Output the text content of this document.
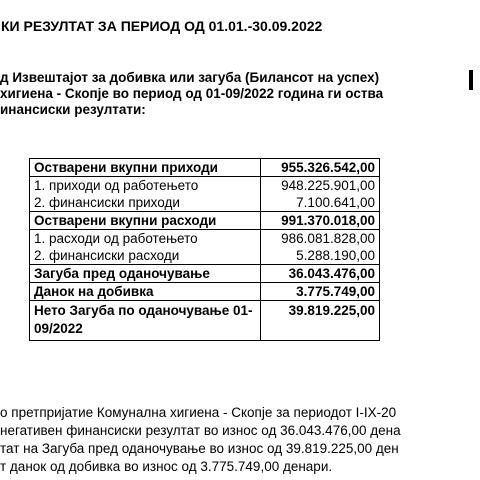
КИ РЕЗУЛТАТ ЗА ПЕРИОД ОД 01.01.-30.09.2022
д Извештајот за добивка или загуба (Билансот на успех)
хигиена - Скопје во период од 01-09/2022 година ги оства
инансиски резултати:
Остварени вкупни приходи	955.326.542,00
1. приходи од работењето	948.225.901,00
2. финансиски приходи	7.100.641,00
Остварени вкупни расходи	991.370.018,00
1. расходи од работењето	986.081.828,00
2. финансиски расходи	5.288.190,00
Загуба пред оданочување	36.043.476,00
Данок на добивка	3.775.749,00
Нето Загуба по одaночување 01-09/2022	39.819.225,00
о претпријатие Комунална хигиена - Скопје за периодот I-IX-20
негативен финансиски резултат во износ од 36.043.476,00 дена
тат на Загуба пред оданочување во износ од 39.819.225,00 ден
т данок од добивка во износ од 3.775.749,00 денари.
